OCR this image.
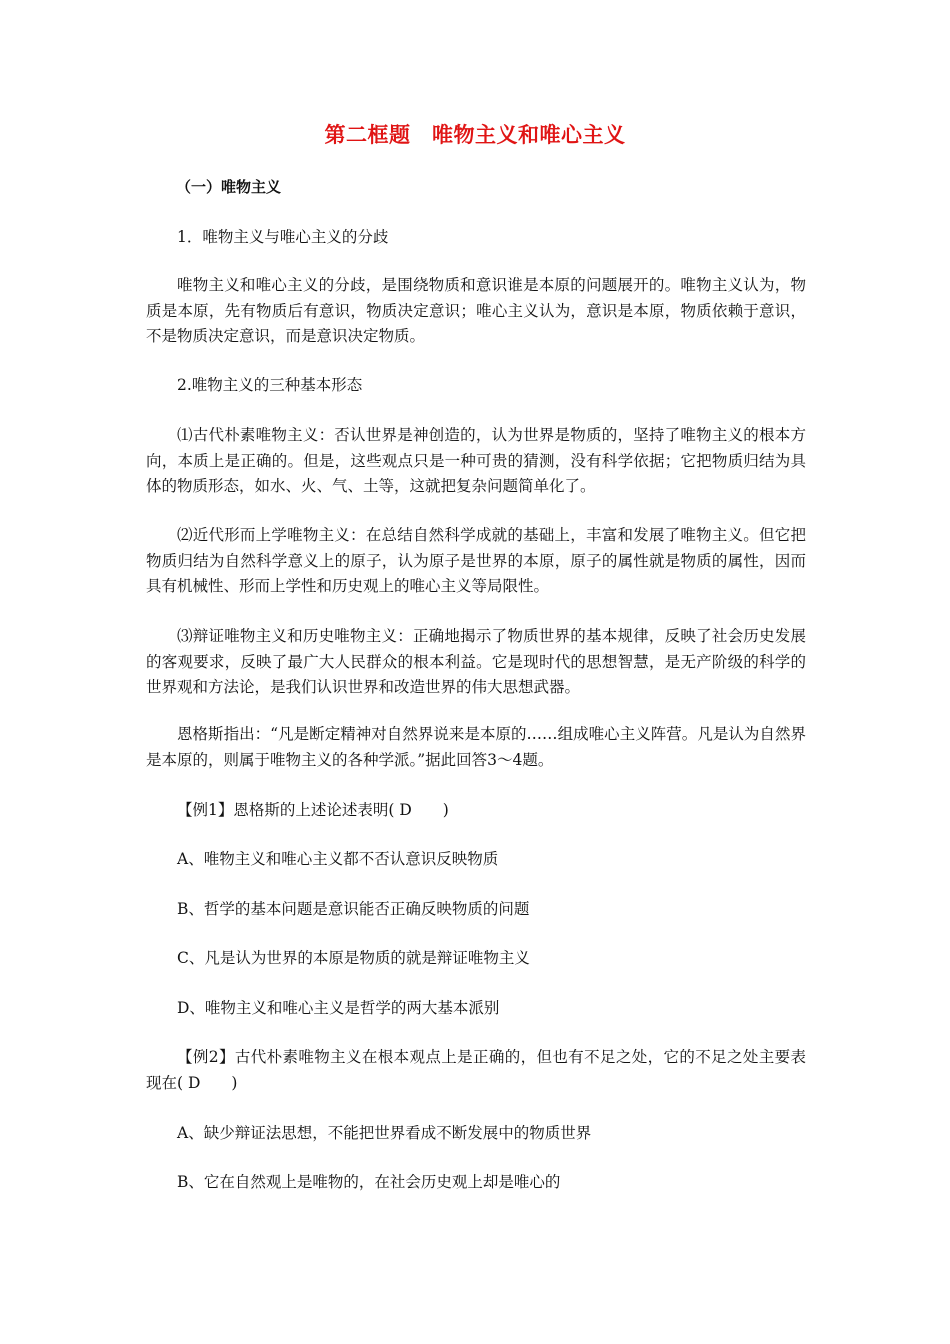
第二框题　唯物主义和唯心主义
（一）唯物主义

1．唯物主义与唯心主义的分歧

唯物主义和唯心主义的分歧，是围绕物质和意识谁是本原的问题展开的。唯物主义认为，物质是本原，先有物质后有意识，物质决定意识；唯心主义认为，意识是本原，物质依赖于意识，不是物质决定意识，而是意识决定物质。

2.唯物主义的三种基本形态

⑴古代朴素唯物主义：否认世界是神创造的，认为世界是物质的，坚持了唯物主义的根本方向，本质上是正确的。但是，这些观点只是一种可贵的猜测，没有科学依据；它把物质归结为具体的物质形态，如水、火、气、土等，这就把复杂问题简单化了。

⑵近代形而上学唯物主义：在总结自然科学成就的基础上，丰富和发展了唯物主义。但它把物质归结为自然科学意义上的原子，认为原子是世界的本原，原子的属性就是物质的属性，因而具有机械性、形而上学性和历史观上的唯心主义等局限性。

⑶辩证唯物主义和历史唯物主义：正确地揭示了物质世界的基本规律，反映了社会历史发展的客观要求，反映了最广大人民群众的根本利益。它是现时代的思想智慧，是无产阶级的科学的世界观和方法论，是我们认识世界和改造世界的伟大思想武器。

恩格斯指出：“凡是断定精神对自然界说来是本原的……组成唯心主义阵营。凡是认为自然界是本原的，则属于唯物主义的各种学派。”据此回答3～4题。

【例1】恩格斯的上述论述表明( D　　)

A、唯物主义和唯心主义都不否认意识反映物质

B、哲学的基本问题是意识能否正确反映物质的问题

C、凡是认为世界的本原是物质的就是辩证唯物主义

D、唯物主义和唯心主义是哲学的两大基本派别

【例2】古代朴素唯物主义在根本观点上是正确的，但也有不足之处，它的不足之处主要表现在( D　　)

A、缺少辩证法思想，不能把世界看成不断发展中的物质世界

B、它在自然观上是唯物的，在社会历史观上却是唯心的
